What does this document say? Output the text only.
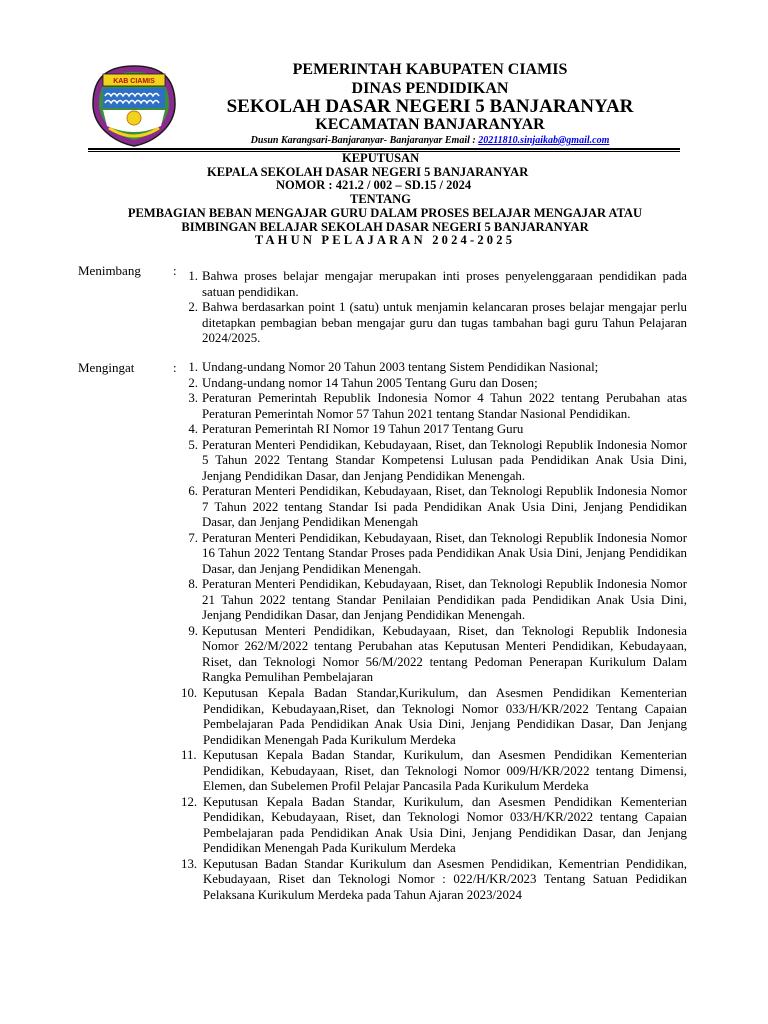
KAB CIAMIS
PEMERINTAH KABUPATEN CIAMIS
DINAS PENDIDIKAN
SEKOLAH DASAR NEGERI 5 BANJARANYAR
KECAMATAN BANJARANYAR
Dusun Karangsari-Banjaranyar- Banjaranyar Email : 20211810.sinjaikab@gmail.com
KEPUTUSAN
KEPALA SEKOLAH DASAR NEGERI 5 BANJARANYAR
NOMOR : 421.2 / 002 – SD.15 / 2024
TENTANG
PEMBAGIAN BEBAN MENGAJAR GURU DALAM PROSES BELAJAR MENGAJAR ATAU
BIMBINGAN BELAJAR SEKOLAH DASAR NEGERI 5 BANJARANYAR
TAHUN PELAJARAN 2024-2025
Menimbang : 1. Bahwa proses belajar mengajar merupakan inti proses penyelenggaraan pendidikan pada satuan pendidikan.
2. Bahwa berdasarkan point 1 (satu) untuk menjamin kelancaran proses belajar mengajar perlu ditetapkan pembagian beban mengajar guru dan tugas tambahan bagi guru Tahun Pelajaran 2024/2025.
Mengingat	: 1. Undang-undang Nomor 20 Tahun 2003 tentang Sistem Pendidikan Nasional;
2. Undang-undang nomor 14 Tahun 2005 Tentang Guru dan Dosen;
3. Peraturan Pemerintah Republik Indonesia Nomor 4 Tahun 2022 tentang Perubahan atas Peraturan Pemerintah Nomor 57 Tahun 2021 tentang Standar Nasional Pendidikan.
4. Peraturan Pemerintah RI Nomor 19 Tahun 2017 Tentang Guru
5. Peraturan Menteri Pendidikan, Kebudayaan, Riset, dan Teknologi Republik Indonesia Nomor 5 Tahun 2022 Tentang Standar Kompetensi Lulusan pada Pendidikan Anak Usia Dini, Jenjang Pendidikan Dasar, dan Jenjang Pendidikan Menengah.
6. Peraturan Menteri Pendidikan, Kebudayaan, Riset, dan Teknologi Republik Indonesia Nomor 7 Tahun 2022 tentang Standar Isi pada Pendidikan Anak Usia Dini, Jenjang Pendidikan Dasar, dan Jenjang Pendidikan Menengah
7. Peraturan Menteri Pendidikan, Kebudayaan, Riset, dan Teknologi Republik Indonesia Nomor 16 Tahun 2022 Tentang Standar Proses pada Pendidikan Anak Usia Dini, Jenjang Pendidikan Dasar, dan Jenjang Pendidikan Menengah.
8. Peraturan Menteri Pendidikan, Kebudayaan, Riset, dan Teknologi Republik Indonesia Nomor 21 Tahun 2022 tentang Standar Penilaian Pendidikan pada Pendidikan Anak Usia Dini, Jenjang Pendidikan Dasar, dan Jenjang Pendidikan Menengah.
9. Keputusan Menteri Pendidikan, Kebudayaan, Riset, dan Teknologi Republik Indonesia Nomor 262/M/2022 tentang Perubahan atas Keputusan Menteri Pendidikan, Kebudayaan, Riset, dan Teknologi Nomor 56/M/2022 tentang Pedoman Penerapan Kurikulum Dalam Rangka Pemulihan Pembelajaran
10. Keputusan Kepala Badan Standar,Kurikulum, dan Asesmen Pendidikan Kementerian Pendidikan, Kebudayaan,Riset, dan Teknologi Nomor 033/H/KR/2022 Tentang Capaian Pembelajaran Pada Pendidikan Anak Usia Dini, Jenjang Pendidikan Dasar, Dan Jenjang Pendidikan Menengah Pada Kurikulum Merdeka
11. Keputusan Kepala Badan Standar, Kurikulum, dan Asesmen Pendidikan Kementerian Pendidikan, Kebudayaan, Riset, dan Teknologi Nomor 009/H/KR/2022 tentang Dimensi, Elemen, dan Subelemen Profil Pelajar Pancasila Pada Kurikulum Merdeka
12. Keputusan Kepala Badan Standar, Kurikulum, dan Asesmen Pendidikan Kementerian Pendidikan, Kebudayaan, Riset, dan Teknologi Nomor 033/H/KR/2022 tentang Capaian Pembelajaran pada Pendidikan Anak Usia Dini, Jenjang Pendidikan Dasar, dan Jenjang Pendidikan Menengah Pada Kurikulum Merdeka
13. Keputusan Badan Standar Kurikulum dan Asesmen Pendidikan, Kementrian Pendidikan, Kebudayaan, Riset dan Teknologi Nomor : 022/H/KR/2023 Tentang Satuan Pedidikan Pelaksana Kurikulum Merdeka pada Tahun Ajaran 2023/2024
